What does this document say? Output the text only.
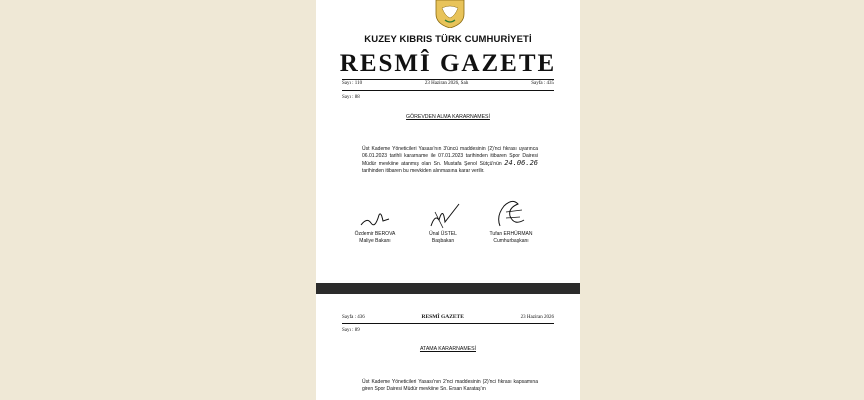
KUZEY KIBRIS TÜRK CUMHURİYETİ
RESMÎ GAZETE
Sayı : 110	23 Haziran 2026, Salı	Sayfa : 435
Sayı : 88
GÖREVDEN ALMA KARARNAMESİ
Üst Kademe Yöneticileri Yasası'nın 3'üncü maddesinin (2)'nci fıkrası uyarınca 06.01.2023 tarihli kararname ile 07.01.2023 tarihinden itibaren Spor Dairesi Müdür mevkiine atanmış olan Sn. Mustafa Şenol Sütçü'nün 24.06.26 tarihinden itibaren bu mevkiden alınmasına karar verilir.
Özdemir BEROVA
Maliye Bakanı
Ünal ÜSTEL
Başbakan
Tufan ERHÜRMAN
Cumhurbaşkanı
Sayfa : 436	RESMÎ GAZETE	23 Haziran 2026
Sayı : 89
ATAMA KARARNAMESİ
Üst Kademe Yöneticileri Yasası'nın 2'nci maddesinin (2)'nci fıkrası kapsamına giren Spor Dairesi Müdür mevkiine Sn. Ersan Karataş'ın
